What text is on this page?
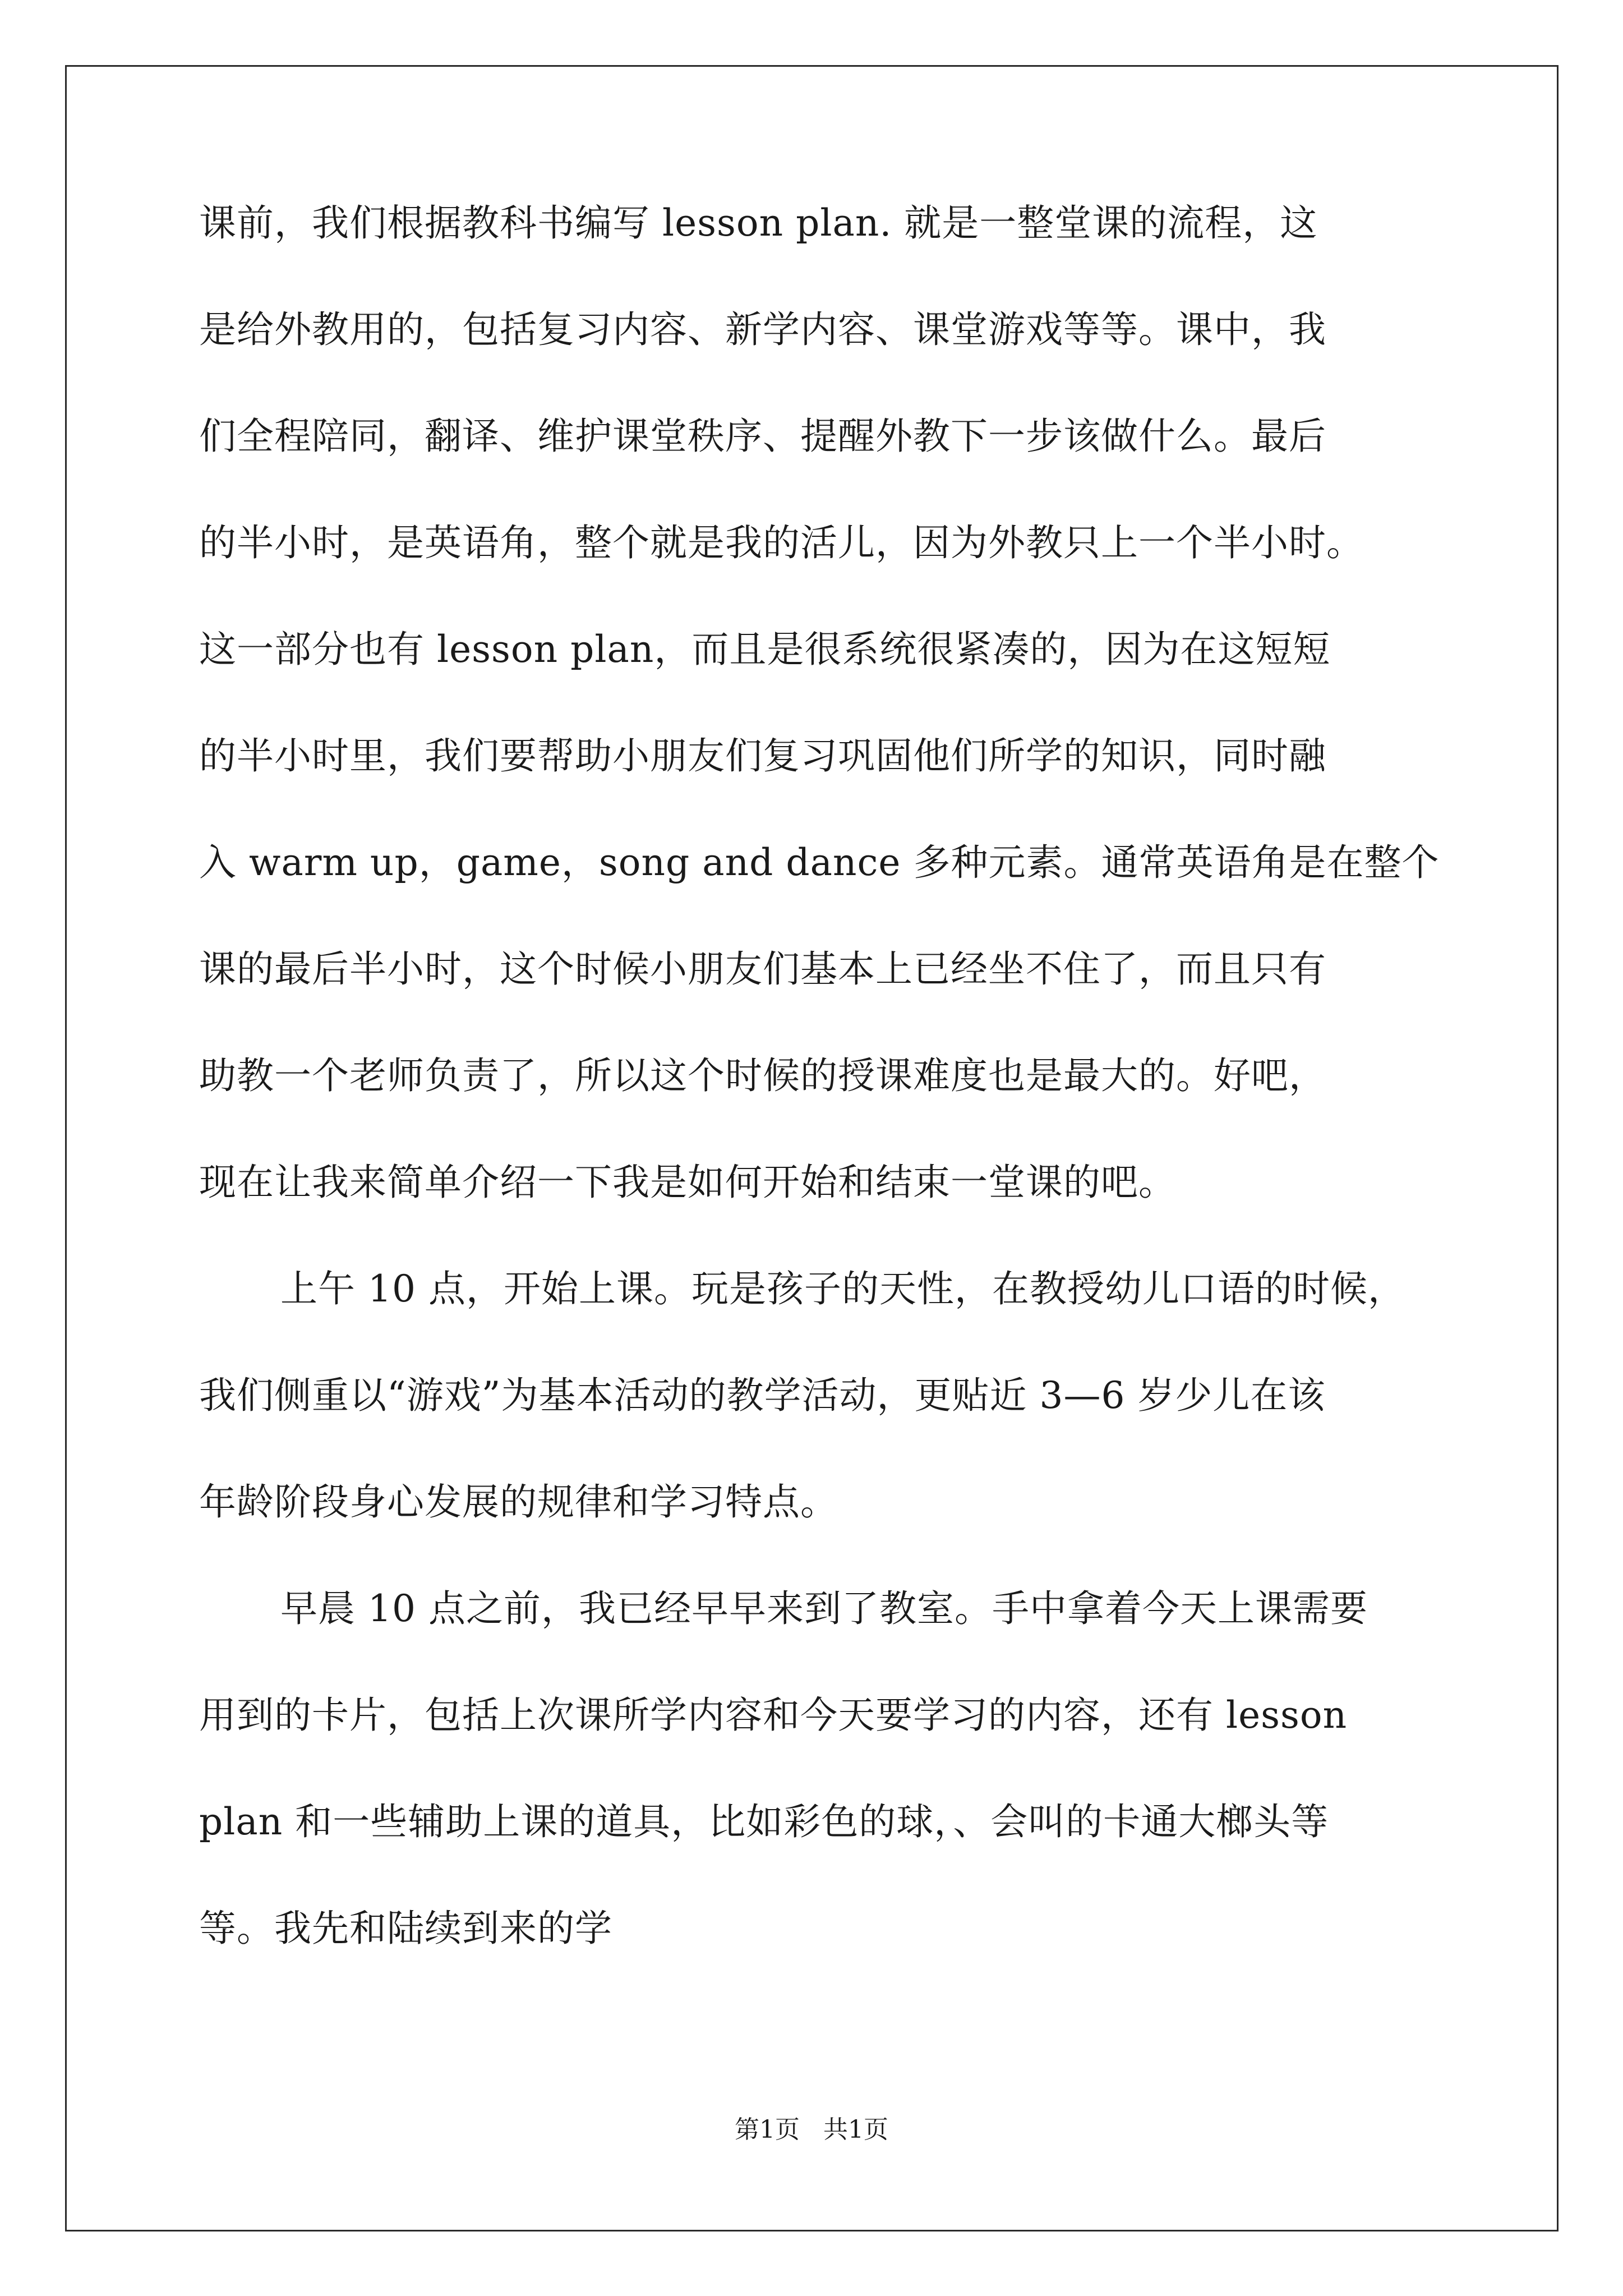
课前，我们根据教科书编写 lesson plan. 就是一整堂课的流程，这
是给外教用的，包括复习内容、新学内容、课堂游戏等等。课中，我
们全程陪同，翻译、维护课堂秩序、提醒外教下一步该做什么。最后
的半小时，是英语角，整个就是我的活儿，因为外教只上一个半小时。
这一部分也有 lesson plan，而且是很系统很紧凑的，因为在这短短
的半小时里，我们要帮助小朋友们复习巩固他们所学的知识，同时融
入 warm up，game，song and dance 多种元素。通常英语角是在整个
课的最后半小时，这个时候小朋友们基本上已经坐不住了，而且只有
助教一个老师负责了，所以这个时候的授课难度也是最大的。好吧，
现在让我来简单介绍一下我是如何开始和结束一堂课的吧。
上午 10 点，开始上课。玩是孩子的天性，在教授幼儿口语的时候，
我们侧重以“游戏”为基本活动的教学活动，更贴近 3—6 岁少儿在该
年龄阶段身心发展的规律和学习特点。
早晨 10 点之前，我已经早早来到了教室。手中拿着今天上课需要
用到的卡片，包括上次课所学内容和今天要学习的内容，还有 lesson
plan 和一些辅助上课的道具，比如彩色的球，、会叫的卡通大榔头等
等。我先和陆续到来的学
第1页   共1页
